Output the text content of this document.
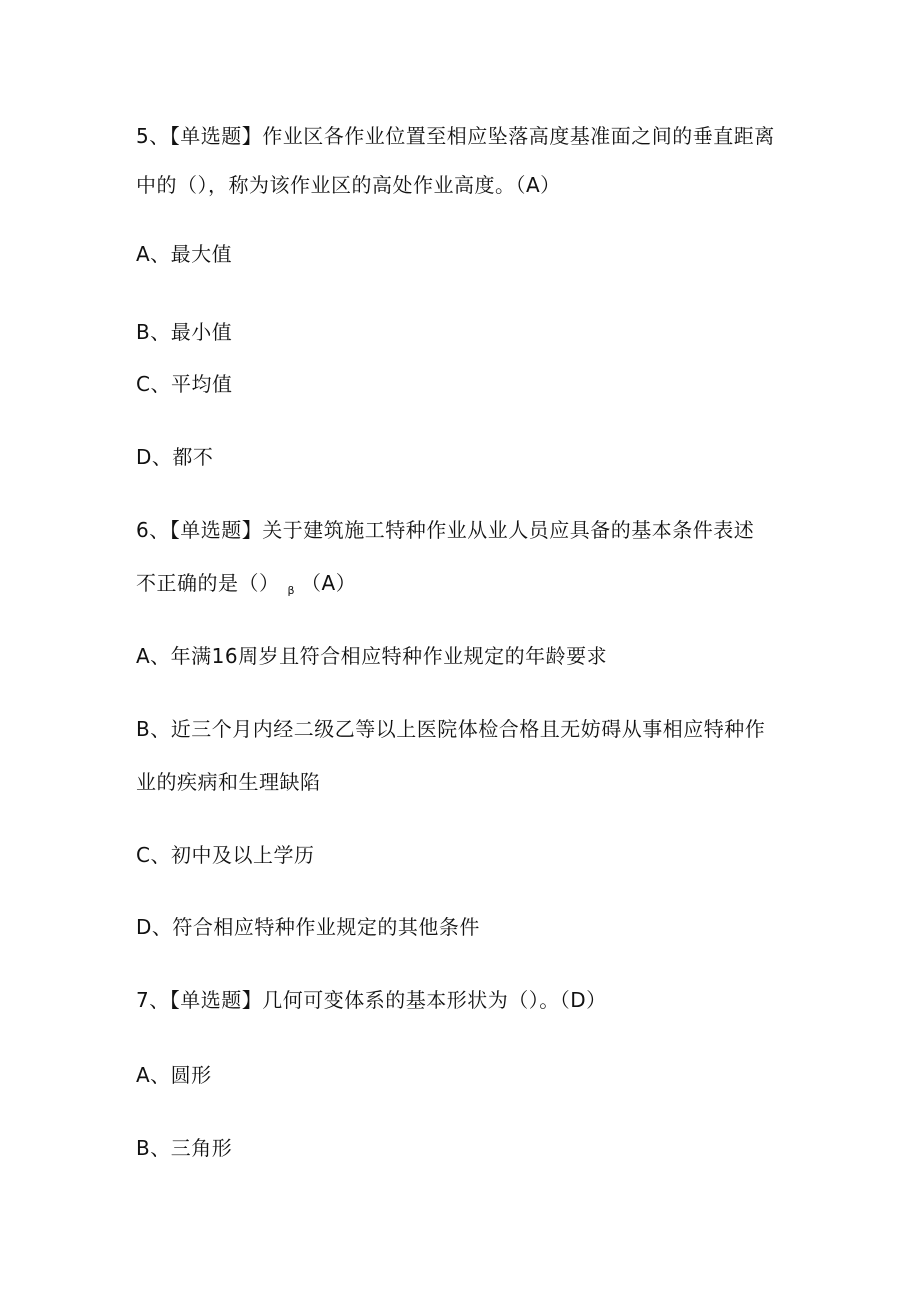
5、【单选题】作业区各作业位置至相应坠落高度基准面之间的垂直距离
中的（），称为该作业区的高处作业高度。（A）
A、最大值
B、最小值
C、平均值
D、都不
6、【单选题】关于建筑施工特种作业从业人员应具备的基本条件表述
不正确的是（） $_\beta$ （A）
A、年满16周岁且符合相应特种作业规定的年龄要求
B、近三个月内经二级乙等以上医院体检合格且无妨碍从事相应特种作
业的疾病和生理缺陷
C、初中及以上学历
D、符合相应特种作业规定的其他条件
7、【单选题】几何可变体系的基本形状为（）。（D）
A、圆形
B、三角形
